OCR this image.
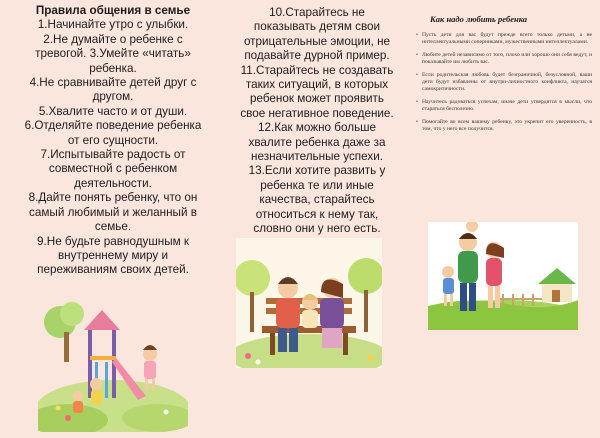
Правила общения в семье
1.Начинайте утро с улыбки.
2.Не думайте о ребенке с
тревогой. 3.Умейте «читать»
ребенка.
4.Не сравнивайте детей друг с
другом.
5.Хвалите часто и от души.
6.Отделяйте поведение ребенка
от его сущности.
7.Испытывайте радость от
совместной с ребенком
деятельности.
8.Дайте понять ребенку, что он
самый любимый и желанный в
семье.
9.Не будьте равнодушным к
внутреннему миру и
переживаниям своих детей.
10.Старайтесь не
показывать детям свои
отрицательные эмоции, не
подавайте дурной пример.
11.Старайтесь не создавать
таких ситуаций, в которых
ребенок может проявить
свое негативное поведение.
12.Как можно больше
хвалите ребенка даже за
незначительные успехи.
13.Если хотите развить у
ребенка те или иные
качества, старайтесь
относиться к нему так,
словно они у него есть.
Как надо любить ребенка
• Пусть дети для вас будут прежде всего только детьми, а не интеллектуальными соперниками, мужественными интеллектуалами.
• Любите детей независимо от того, плохо или хорошо они себя ведут, и показывайте им любить вас.
• Если родительская любовь будет безграничной, безусловной, ваши дети будут избавлены от внутри-личностного конфликта, научатся самокритичности.
• Научитесь радоваться успехам, иначе дети утвердятся в мысли, что стараться бесполезно.
• Помогайте во всем вашему ребенку, это укрепит его уверенность, в том, что у него все получится.
